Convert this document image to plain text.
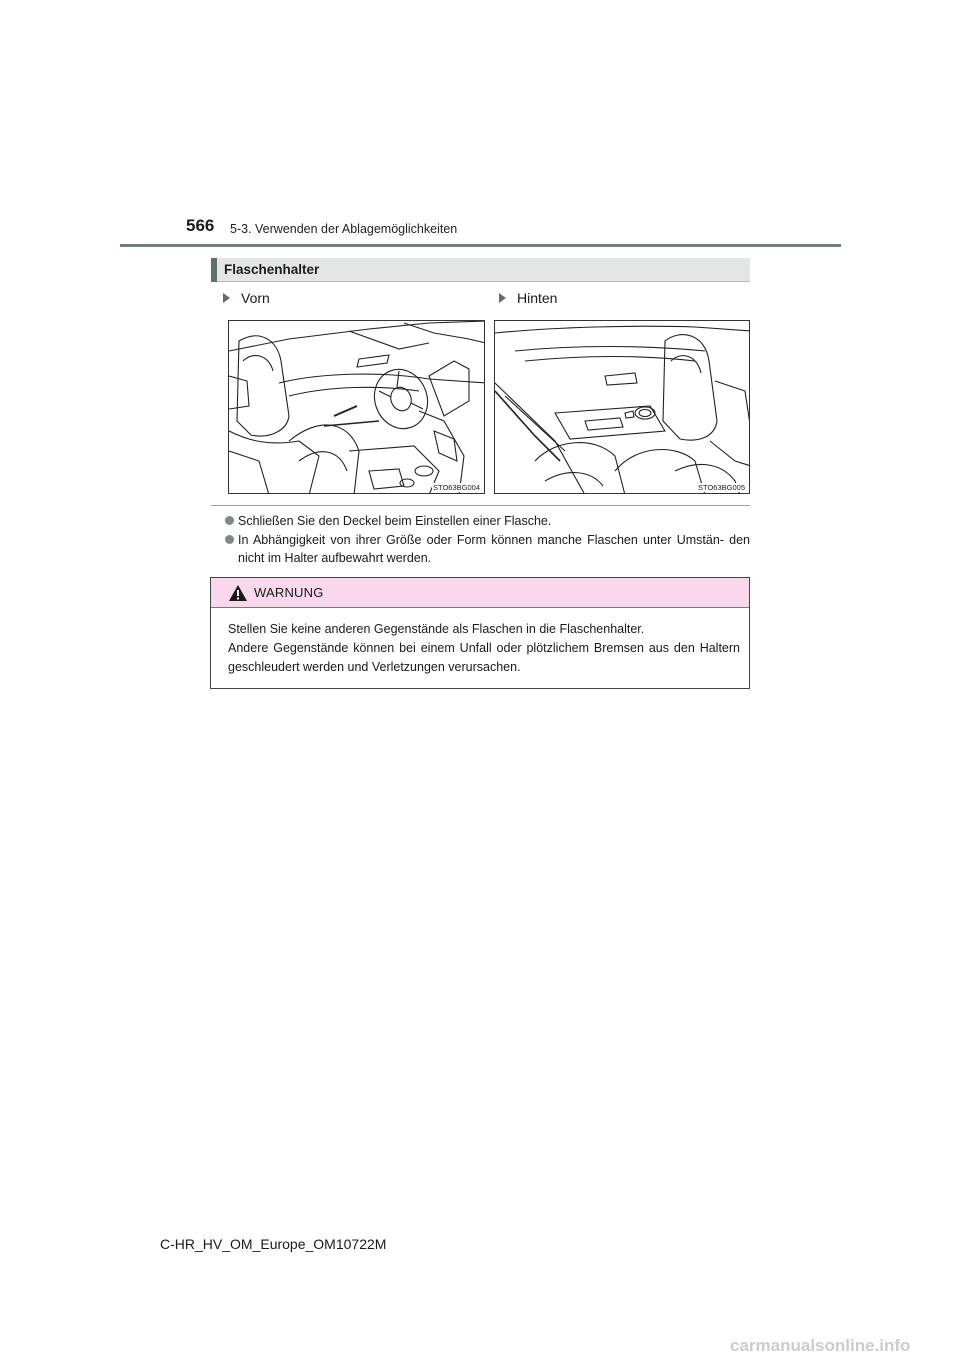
566 5-3. Verwenden der Ablagemöglichkeiten
Flaschenhalter
Vorn	Hinten
STO63BG004	STO63BG005
Schließen Sie den Deckel beim Einstellen einer Flasche.
In Abhängigkeit von ihrer Größe oder Form können manche Flaschen unter Umstän- den nicht im Halter aufbewahrt werden.
WARNUNG
Stellen Sie keine anderen Gegenstände als Flaschen in die Flaschenhalter.
Andere Gegenstände können bei einem Unfall oder plötzlichem Bremsen aus den Haltern geschleudert werden und Verletzungen verursachen.
C-HR_HV_OM_Europe_OM10722M
carmanualsonline.info
